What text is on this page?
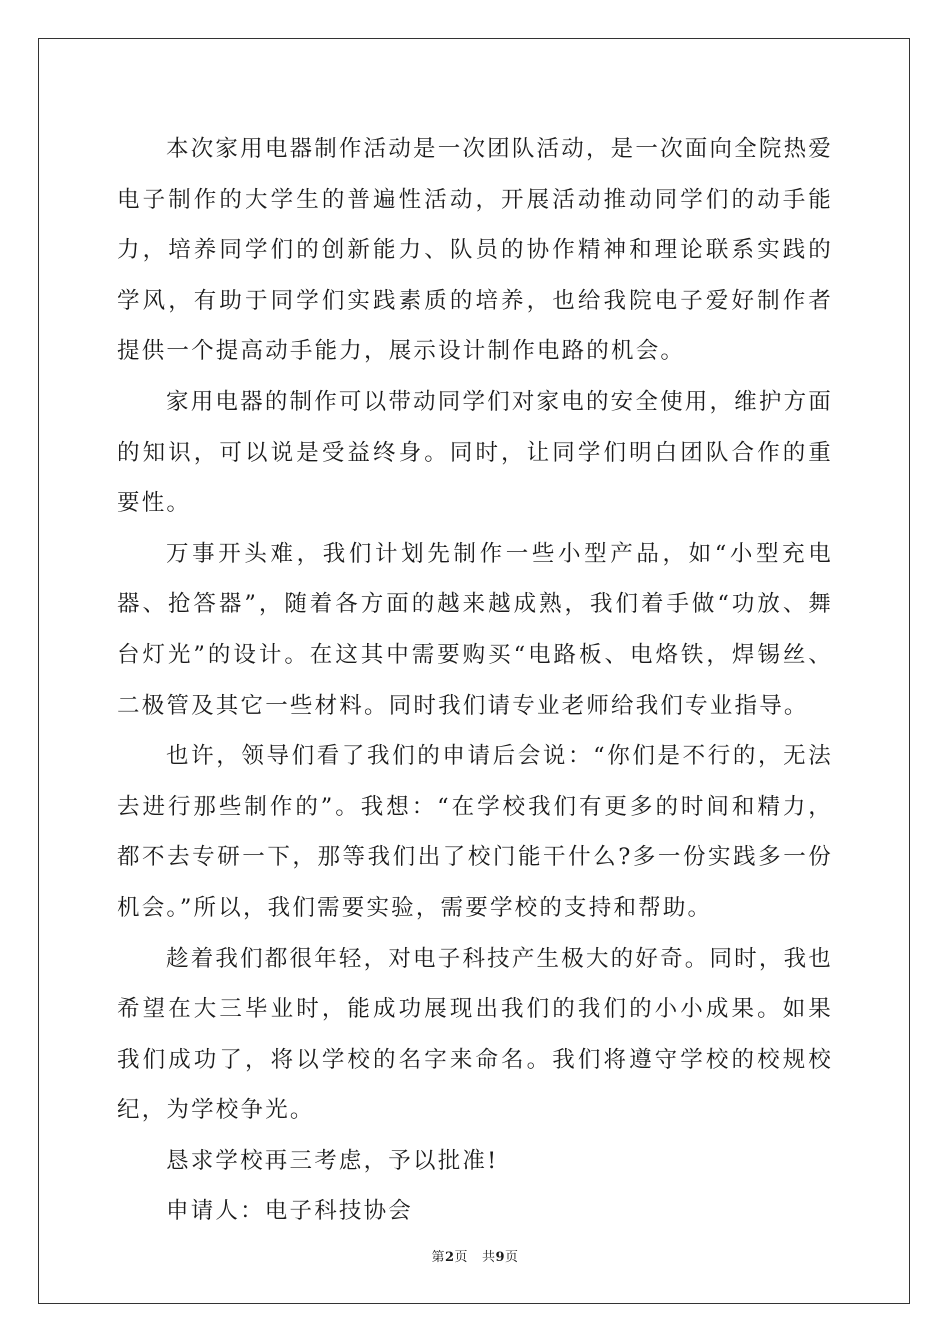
本次家用电器制作活动是一次团队活动，是一次面向全院热爱电子制作的大学生的普遍性活动，开展活动推动同学们的动手能力，培养同学们的创新能力、队员的协作精神和理论联系实践的学风，有助于同学们实践素质的培养，也给我院电子爱好制作者提供一个提高动手能力，展示设计制作电路的机会。

家用电器的制作可以带动同学们对家电的安全使用，维护方面的知识，可以说是受益终身。同时，让同学们明白团队合作的重要性。

万事开头难，我们计划先制作一些小型产品，如“小型充电器、抢答器”，随着各方面的越来越成熟，我们着手做“功放、舞台灯光”的设计。在这其中需要购买“电路板、电烙铁，焊锡丝、二极管及其它一些材料。同时我们请专业老师给我们专业指导。

也许，领导们看了我们的申请后会说：“你们是不行的，无法去进行那些制作的”。我想：“在学校我们有更多的时间和精力，都不去专研一下，那等我们出了校门能干什么?多一份实践多一份机会。”所以，我们需要实验，需要学校的支持和帮助。

趁着我们都很年轻，对电子科技产生极大的好奇。同时，我也希望在大三毕业时，能成功展现出我们的我们的小小成果。如果我们成功了，将以学校的名字来命名。我们将遵守学校的校规校纪，为学校争光。

恳求学校再三考虑，予以批准!

申请人：电子科技协会

第2页 共9页
